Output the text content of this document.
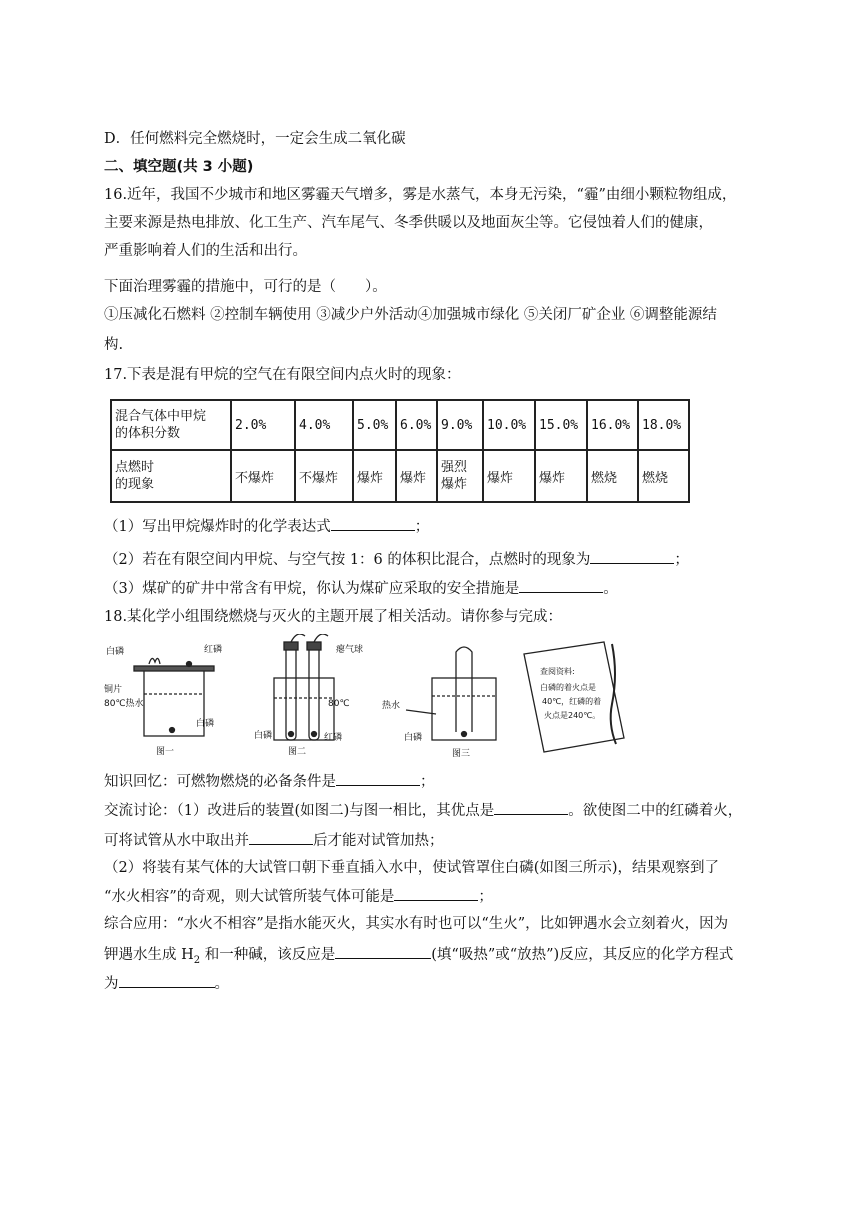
D．任何燃料完全燃烧时，一定会生成二氧化碳
二、填空题(共 3 小题)
16.近年，我国不少城市和地区雾霾天气增多，雾是水蒸气，本身无污染，“霾”由细小颗粒物组成，
主要来源是热电排放、化工生产、汽车尾气、冬季供暖以及地面灰尘等。它侵蚀着人们的健康，
严重影响着人们的生活和出行。
下面治理雾霾的措施中，可行的是（　　）。
①压减化石燃料 ②控制车辆使用 ③减少户外活动④加强城市绿化 ⑤关闭厂矿企业 ⑥调整能源结
构.
17.下表是混有甲烷的空气在有限空间内点火时的现象：
混合气体中甲烷
的体积分数	2.0%	4.0%	5.0%	6.0%	9.0%	10.0%	15.0%	16.0%	18.0%

点燃时
的现象	不爆炸	不爆炸	爆炸	爆炸	强烈爆炸	爆炸	爆炸	燃烧	燃烧
（1）写出甲烷爆炸时的化学表达式	；
（2）若在有限空间内甲烷、与空气按 1：6 的体积比混合，点燃时的现象为	；
（3）煤矿的矿井中常含有甲烷，你认为煤矿应采取的安全措施是	。
18.某化学小组围绕燃烧与灭火的主题开展了相关活动。请你参与完成：
白磷	红磷
铜片
80℃热水
白磷
图一
瘪气球
80℃
白磷	红磷
图二
热水
白磷
图三
查阅资料:
白磷的着火点是
40℃，红磷的着
火点是240℃。
知识回忆：可燃物燃烧的必备条件是	；
交流讨论：（1）改进后的装置(如图二)与图一相比，其优点是	。欲使图二中的红磷着火，
可将试管从水中取出并	后才能对试管加热；
（2）将装有某气体的大试管口朝下垂直插入水中，使试管罩住白磷(如图三所示)，结果观察到了
“水火相容”的奇观，则大试管所装气体可能是	；
综合应用：“水火不相容”是指水能灭火，其实水有时也可以“生火”，比如钾遇水会立刻着火，因为
钾遇水生成 $H_2$ 和一种碱，该反应是	(填“吸热”或“放热”)反应，其反应的化学方程式
为	。
